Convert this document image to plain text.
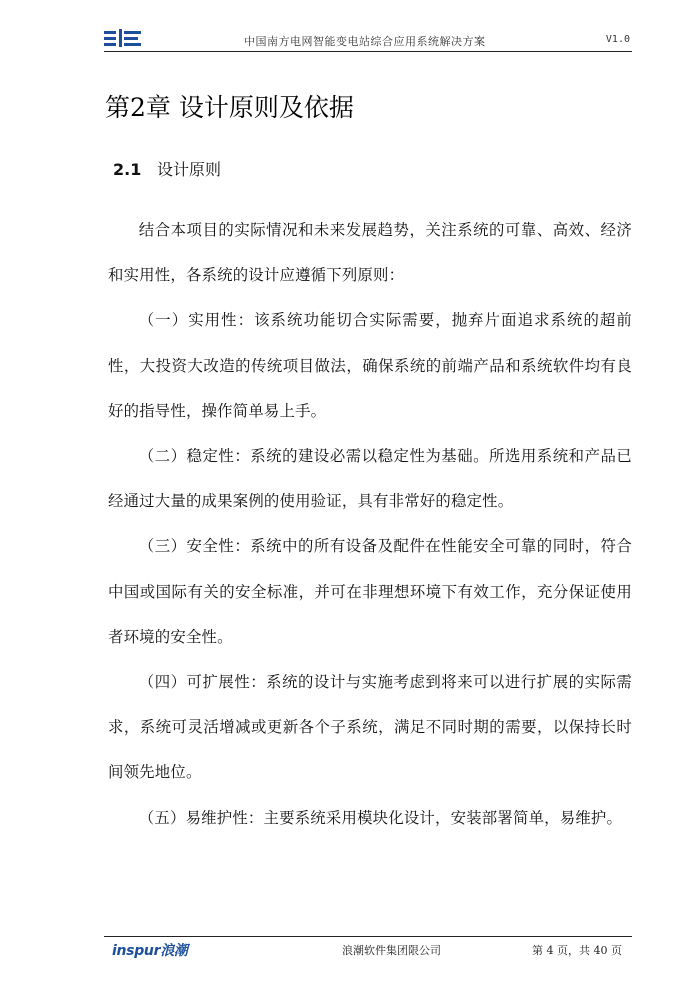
中国南方电网智能变电站综合应用系统解决方案	V1.0
第2章 设计原则及依据
2.1 设计原则

结合本项目的实际情况和未来发展趋势，关注系统的可靠、高效、经济和实用性，各系统的设计应遵循下列原则：

（一）实用性：该系统功能切合实际需要，抛弃片面追求系统的超前性，大投资大改造的传统项目做法，确保系统的前端产品和系统软件均有良好的指导性，操作简单易上手。

（二）稳定性：系统的建设必需以稳定性为基础。所选用系统和产品已经通过大量的成果案例的使用验证，具有非常好的稳定性。

（三）安全性：系统中的所有设备及配件在性能安全可靠的同时，符合中国或国际有关的安全标准，并可在非理想环境下有效工作，充分保证使用者环境的安全性。

（四）可扩展性：系统的设计与实施考虑到将来可以进行扩展的实际需求，系统可灵活增减或更新各个子系统，满足不同时期的需要，以保持长时间领先地位。

（五）易维护性：主要系统采用模块化设计，安装部署简单，易维护。

inspur浪潮	浪潮软件集团限公司	第 4 页，共 40 页
